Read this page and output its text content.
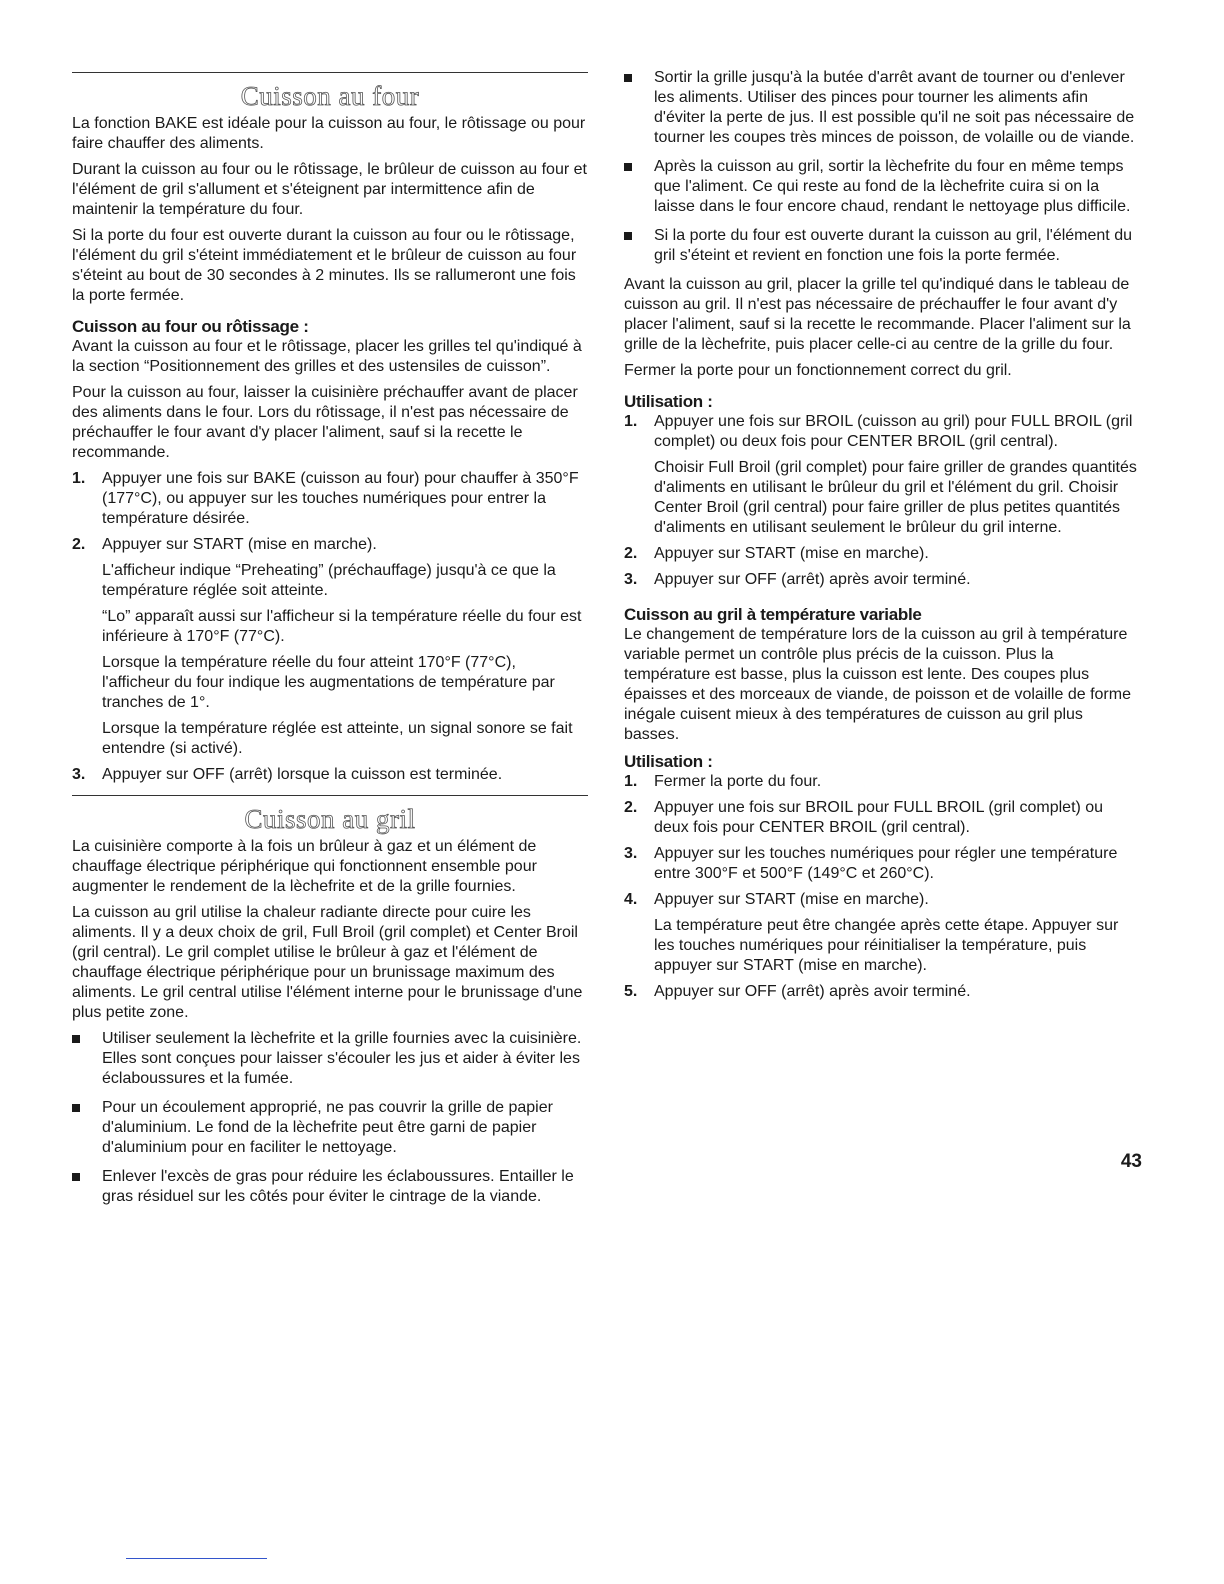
Cuisson au four

La fonction BAKE est idéale pour la cuisson au four, le rôtissage ou pour faire chauffer des aliments.

Durant la cuisson au four ou le rôtissage, le brûleur de cuisson au four et l'élément de gril s'allument et s'éteignent par intermittence afin de maintenir la température du four.

Si la porte du four est ouverte durant la cuisson au four ou le rôtissage, l'élément du gril s'éteint immédiatement et le brûleur de cuisson au four s'éteint au bout de 30 secondes à 2 minutes. Ils se rallumeront une fois la porte fermée.

Cuisson au four ou rôtissage :

Avant la cuisson au four et le rôtissage, placer les grilles tel qu'indiqué à la section “Positionnement des grilles et des ustensiles de cuisson”.

Pour la cuisson au four, laisser la cuisinière préchauffer avant de placer des aliments dans le four. Lors du rôtissage, il n'est pas nécessaire de préchauffer le four avant d'y placer l'aliment, sauf si la recette le recommande.

1. Appuyer une fois sur BAKE (cuisson au four) pour chauffer à 350°F (177°C), ou appuyer sur les touches numériques pour entrer la température désirée.
2. Appuyer sur START (mise en marche).

L'afficheur indique “Preheating” (préchauffage) jusqu'à ce que la température réglée soit atteinte.

“Lo” apparaît aussi sur l'afficheur si la température réelle du four est inférieure à 170°F (77°C).

Lorsque la température réelle du four atteint 170°F (77°C), l'afficheur du four indique les augmentations de température par tranches de 1°.

Lorsque la température réglée est atteinte, un signal sonore se fait entendre (si activé).

3. Appuyer sur OFF (arrêt) lorsque la cuisson est terminée.
Cuisson au gril

La cuisinière comporte à la fois un brûleur à gaz et un élément de chauffage électrique périphérique qui fonctionnent ensemble pour augmenter le rendement de la lèchefrite et de la grille fournies.

La cuisson au gril utilise la chaleur radiante directe pour cuire les aliments. Il y a deux choix de gril, Full Broil (gril complet) et Center Broil (gril central). Le gril complet utilise le brûleur à gaz et l'élément de chauffage électrique périphérique pour un brunissage maximum des aliments. Le gril central utilise l'élément interne pour le brunissage d'une plus petite zone.

Utiliser seulement la lèchefrite et la grille fournies avec la cuisinière. Elles sont conçues pour laisser s'écouler les jus et aider à éviter les éclaboussures et la fumée.
Pour un écoulement approprié, ne pas couvrir la grille de papier d'aluminium. Le fond de la lèchefrite peut être garni de papier d'aluminium pour en faciliter le nettoyage.
Enlever l'excès de gras pour réduire les éclaboussures. Entailler le gras résiduel sur les côtés pour éviter le cintrage de la viande.
Sortir la grille jusqu'à la butée d'arrêt avant de tourner ou d'enlever les aliments. Utiliser des pinces pour tourner les aliments afin d'éviter la perte de jus. Il est possible qu'il ne soit pas nécessaire de tourner les coupes très minces de poisson, de volaille ou de viande.
Après la cuisson au gril, sortir la lèchefrite du four en même temps que l'aliment. Ce qui reste au fond de la lèchefrite cuira si on la laisse dans le four encore chaud, rendant le nettoyage plus difficile.
Si la porte du four est ouverte durant la cuisson au gril, l'élément du gril s'éteint et revient en fonction une fois la porte fermée.

Avant la cuisson au gril, placer la grille tel qu'indiqué dans le tableau de cuisson au gril. Il n'est pas nécessaire de préchauffer le four avant d'y placer l'aliment, sauf si la recette le recommande. Placer l'aliment sur la grille de la lèchefrite, puis placer celle-ci au centre de la grille du four.

Fermer la porte pour un fonctionnement correct du gril.

Utilisation :
1. Appuyer une fois sur BROIL (cuisson au gril) pour FULL BROIL (gril complet) ou deux fois pour CENTER BROIL (gril central).

Choisir Full Broil (gril complet) pour faire griller de grandes quantités d'aliments en utilisant le brûleur du gril et l'élément du gril. Choisir Center Broil (gril central) pour faire griller de plus petites quantités d'aliments en utilisant seulement le brûleur du gril interne.

2. Appuyer sur START (mise en marche).
3. Appuyer sur OFF (arrêt) après avoir terminé.
Cuisson au gril à température variable

Le changement de température lors de la cuisson au gril à température variable permet un contrôle plus précis de la cuisson. Plus la température est basse, plus la cuisson est lente. Des coupes plus épaisses et des morceaux de viande, de poisson et de volaille de forme inégale cuisent mieux à des températures de cuisson au gril plus basses.

Utilisation :
1. Fermer la porte du four.
2. Appuyer une fois sur BROIL pour FULL BROIL (gril complet) ou deux fois pour CENTER BROIL (gril central).
3. Appuyer sur les touches numériques pour régler une température entre 300°F et 500°F (149°C et 260°C).
4. Appuyer sur START (mise en marche).

La température peut être changée après cette étape. Appuyer sur les touches numériques pour réinitialiser la température, puis appuyer sur START (mise en marche).

5. Appuyer sur OFF (arrêt) après avoir terminé.
43
